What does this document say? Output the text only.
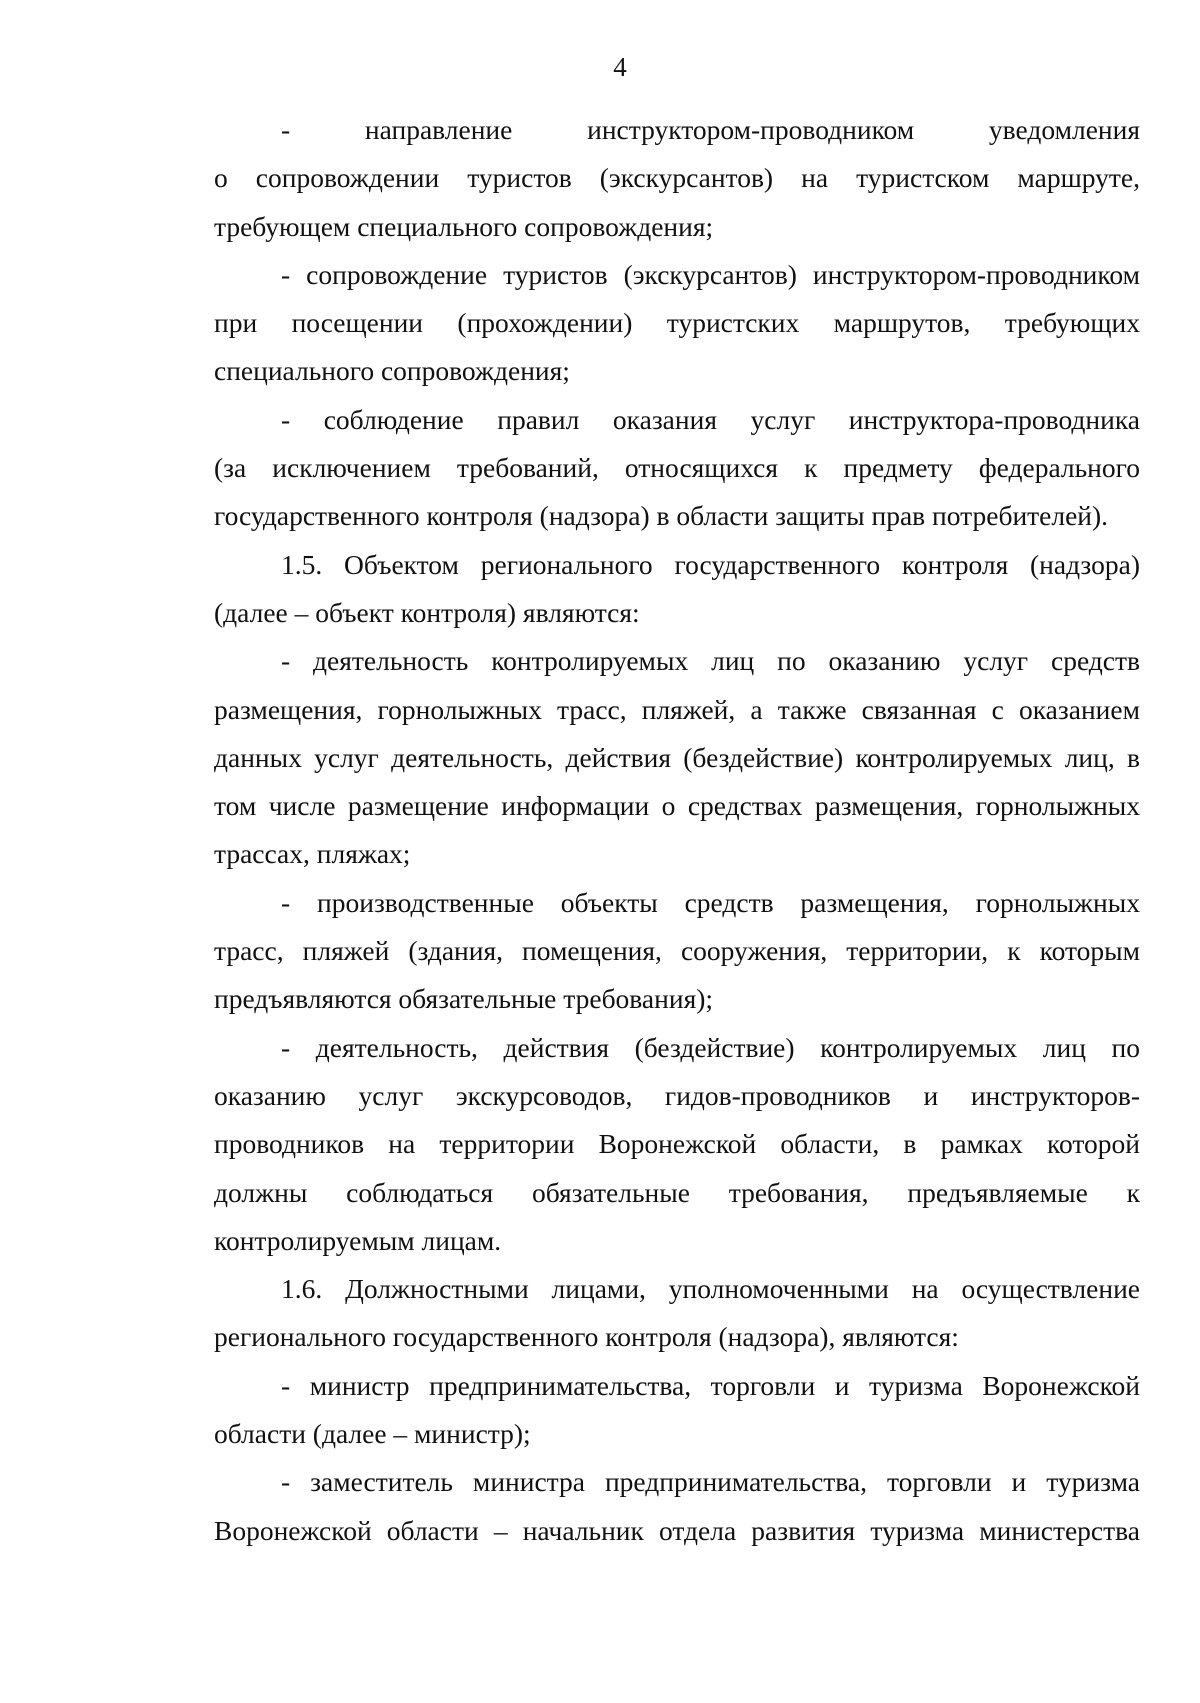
4
- направление инструктором-проводником уведомления
о сопровождении туристов (экскурсантов) на туристском маршруте,
требующем специального сопровождения;
- сопровождение туристов (экскурсантов) инструктором-проводником
при посещении (прохождении) туристских маршрутов, требующих
специального сопровождения;
- соблюдение правил оказания услуг инструктора-проводника
(за исключением требований, относящихся к предмету федерального
государственного контроля (надзора) в области защиты прав потребителей).
1.5. Объектом регионального государственного контроля (надзора)
(далее – объект контроля) являются:
- деятельность контролируемых лиц по оказанию услуг средств
размещения, горнолыжных трасс, пляжей, а также связанная с оказанием
данных услуг деятельность, действия (бездействие) контролируемых лиц, в
том числе размещение информации о средствах размещения, горнолыжных
трассах, пляжах;
- производственные объекты средств размещения, горнолыжных
трасс, пляжей (здания, помещения, сооружения, территории, к которым
предъявляются обязательные требования);
- деятельность, действия (бездействие) контролируемых лиц по
оказанию услуг экскурсоводов, гидов-проводников и инструкторов-
проводников на территории Воронежской области, в рамках которой
должны соблюдаться обязательные требования, предъявляемые к
контролируемым лицам.
1.6. Должностными лицами, уполномоченными на осуществление
регионального государственного контроля (надзора), являются:
- министр предпринимательства, торговли и туризма Воронежской
области (далее – министр);
- заместитель министра предпринимательства, торговли и туризма
Воронежской области – начальник отдела развития туризма министерства
